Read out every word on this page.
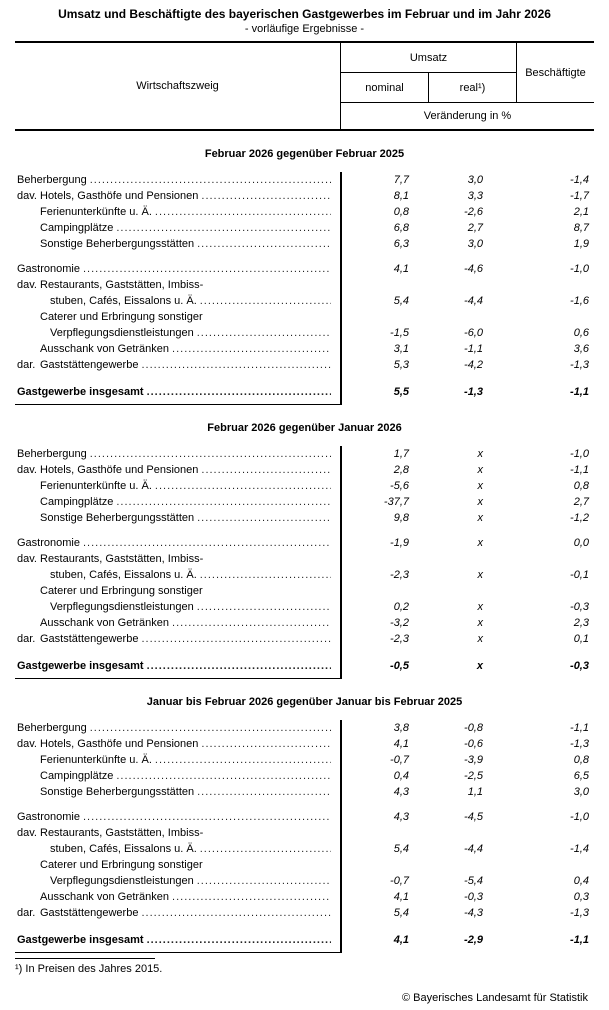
Umsatz und Beschäftigte des bayerischen Gastgewerbes im Februar und im Jahr 2026
- vorläufige Ergebnisse -
Wirtschaftszweig
Umsatz
nominal	real¹)
Beschäftigte
Veränderung in %
Februar 2026 gegenüber Februar 2025
Beherbergung .....	7,7	3,0	-1,4
dav. Hotels, Gasthöfe und Pensionen .....	8,1	3,3	-1,7
Ferienunterkünfte u. Ä. .....	0,8	-2,6	2,1
Campingplätze .....	6,8	2,7	8,7
Sonstige Beherbergungsstätten .....	6,3	3,0	1,9
Gastronomie .....	4,1	-4,6	-1,0
dav. Restaurants, Gaststätten, Imbiss-
stuben, Cafés, Eissalons u. Ä. .....	5,4	-4,4	-1,6
Caterer und Erbringung sonstiger
Verpflegungsdienstleistungen .....	-1,5	-6,0	0,6
Ausschank von Getränken .....	3,1	-1,1	3,6
dar. Gaststättengewerbe .....	5,3	-4,2	-1,3
Gastgewerbe insgesamt .....	5,5	-1,3	-1,1
Februar 2026 gegenüber Januar 2026
Beherbergung .....	1,7	x	-1,0
dav. Hotels, Gasthöfe und Pensionen .....	2,8	x	-1,1
Ferienunterkünfte u. Ä. .....	-5,6	x	0,8
Campingplätze .....	-37,7	x	2,7
Sonstige Beherbergungsstätten .....	9,8	x	-1,2
Gastronomie .....	-1,9	x	0,0
dav. Restaurants, Gaststätten, Imbiss-
stuben, Cafés, Eissalons u. Ä. .....	-2,3	x	-0,1
Caterer und Erbringung sonstiger
Verpflegungsdienstleistungen .....	0,2	x	-0,3
Ausschank von Getränken .....	-3,2	x	2,3
dar. Gaststättengewerbe .....	-2,3	x	0,1
Gastgewerbe insgesamt .....	-0,5	x	-0,3
Januar bis Februar 2026 gegenüber Januar bis Februar 2025
Beherbergung .....	3,8	-0,8	-1,1
dav. Hotels, Gasthöfe und Pensionen .....	4,1	-0,6	-1,3
Ferienunterkünfte u. Ä. .....	-0,7	-3,9	0,8
Campingplätze .....	0,4	-2,5	6,5
Sonstige Beherbergungsstätten .....	4,3	1,1	3,0
Gastronomie .....	4,3	-4,5	-1,0
dav. Restaurants, Gaststätten, Imbiss-
stuben, Cafés, Eissalons u. Ä. .....	5,4	-4,4	-1,4
Caterer und Erbringung sonstiger
Verpflegungsdienstleistungen .....	-0,7	-5,4	0,4
Ausschank von Getränken .....	4,1	-0,3	0,3
dar. Gaststättengewerbe .....	5,4	-4,3	-1,3
Gastgewerbe insgesamt .....	4,1	-2,9	-1,1
¹) In Preisen des Jahres 2015.
© Bayerisches Landesamt für Statistik
